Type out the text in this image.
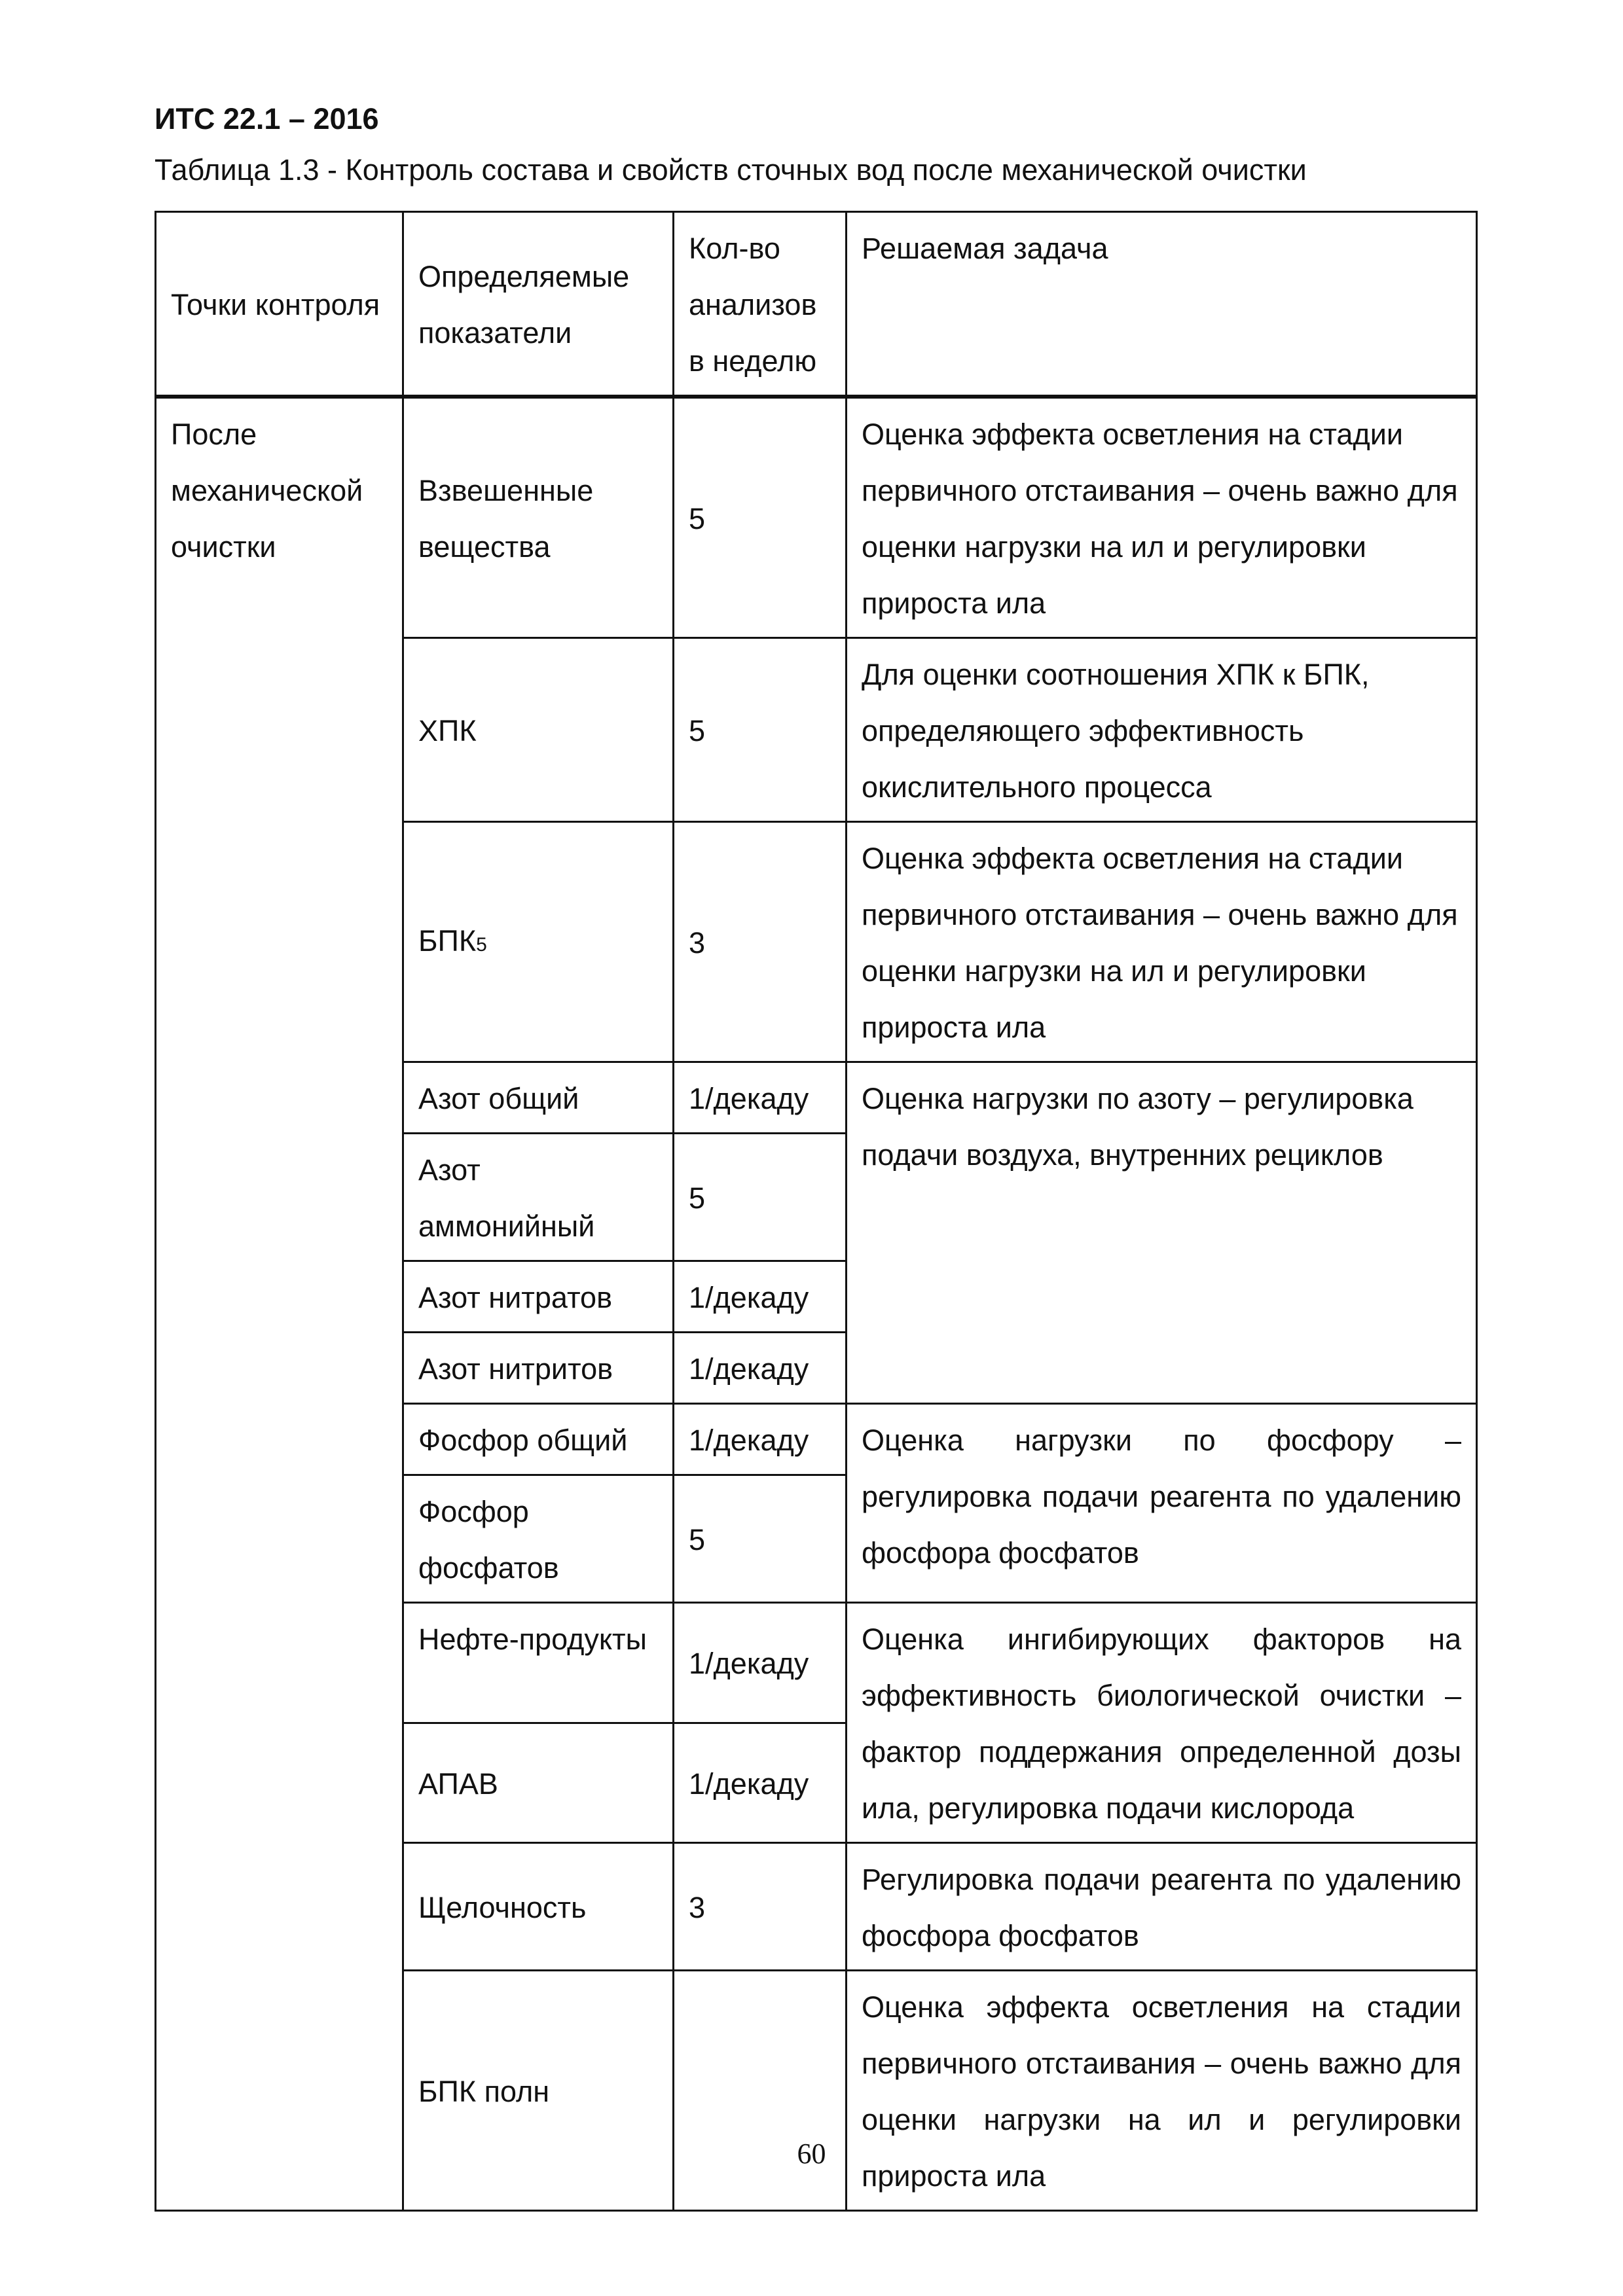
ИТС 22.1 – 2016
Таблица 1.3 - Контроль состава и свойств сточных вод после механической очистки
Точки контроля	Определяемые показатели	Кол-во анализов в неделю	Решаемая задача
После механической очистки	Взвешенные вещества	5	Оценка эффекта осветления на стадии первичного отстаивания – очень важно для оценки нагрузки на ил и регулировки прироста ила
	ХПК	5	Для оценки соотношения ХПК к БПК, определяющего эффективность окислительного процесса
	БПК5	3	Оценка эффекта осветления на стадии первичного отстаивания – очень важно для оценки нагрузки на ил и регулировки прироста ила
	Азот общий	1/декаду	Оценка нагрузки по азоту – регулировка подачи воздуха, внутренних рециклов
	Азот аммонийный	5	
	Азот нитратов	1/декаду	
	Азот нитритов	1/декаду	
	Фосфор общий	1/декаду	Оценка нагрузки по фосфору – регулировка подачи реагента по удалению фосфора фосфатов
	Фосфор фосфатов	5	
	Нефте-продукты	1/декаду	Оценка ингибирующих факторов на эффективность биологической очистки – фактор поддержания определенной дозы ила, регулировка подачи кислорода
	АПАВ	1/декаду	
	Щелочность	3	Регулировка подачи реагента по удалению фосфора фосфатов
	БПК полн		Оценка эффекта осветления на стадии первичного отстаивания – очень важно для оценки нагрузки на ил и регулировки прироста ила
60
